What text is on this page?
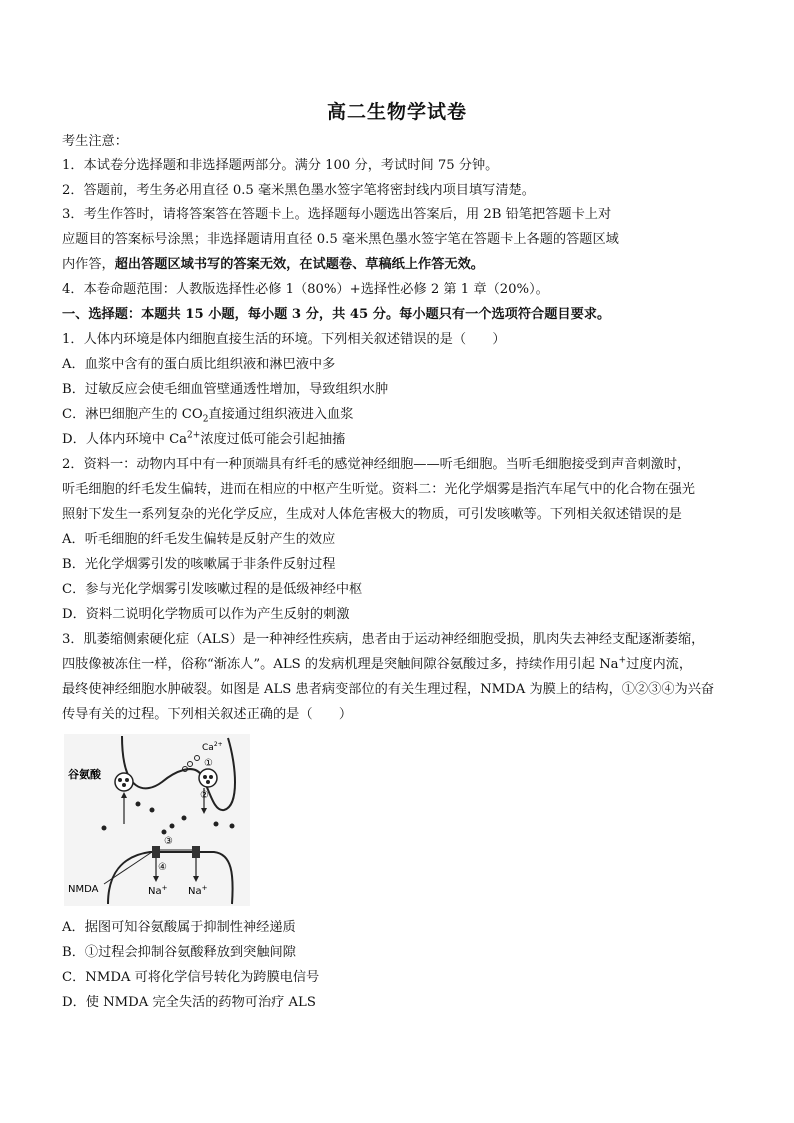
高二生物学试卷
考生注意：
1．本试卷分选择题和非选择题两部分。满分 100 分，考试时间 75 分钟。
2．答题前，考生务必用直径 0.5 毫米黑色墨水签字笔将密封线内项目填写清楚。
3．考生作答时，请将答案答在答题卡上。选择题每小题选出答案后，用 2B 铅笔把答题卡上对
应题目的答案标号涂黑；非选择题请用直径 0.5 毫米黑色墨水签字笔在答题卡上各题的答题区域
内作答，超出答题区域书写的答案无效，在试题卷、草稿纸上作答无效。
4．本卷命题范围：人教版选择性必修 1（80%）+选择性必修 2 第 1 章（20%）。
一、选择题：本题共 15 小题，每小题 3 分，共 45 分。每小题只有一个选项符合题目要求。
1．人体内环境是体内细胞直接生活的环境。下列相关叙述错误的是（　　）
A．血浆中含有的蛋白质比组织液和淋巴液中多
B．过敏反应会使毛细血管壁通透性增加，导致组织水肿
C．淋巴细胞产生的 $CO_2$直接通过组织液进入血浆
D．人体内环境中 $Ca^{2+}$浓度过低可能会引起抽搐
2．资料一：动物内耳中有一种顶端具有纤毛的感觉神经细胞——听毛细胞。当听毛细胞接受到声音刺激时，
听毛细胞的纤毛发生偏转，进而在相应的中枢产生听觉。资料二：光化学烟雾是指汽车尾气中的化合物在强光
照射下发生一系列复杂的光化学反应，生成对人体危害极大的物质，可引发咳嗽等。下列相关叙述错误的是
A．听毛细胞的纤毛发生偏转是反射产生的效应
B．光化学烟雾引发的咳嗽属于非条件反射过程
C．参与光化学烟雾引发咳嗽过程的是低级神经中枢
D．资料二说明化学物质可以作为产生反射的刺激
3．肌萎缩侧索硬化症（ALS）是一种神经性疾病，患者由于运动神经细胞受损，肌肉失去神经支配逐渐萎缩，
四肢像被冻住一样，俗称“渐冻人”。ALS 的发病机理是突触间隙谷氨酸过多，持续作用引起 Na+过度内流，
最终使神经细胞水肿破裂。如图是 ALS 患者病变部位的有关生理过程，NMDA 为膜上的结构，①②③④为兴奋
传导有关的过程。下列相关叙述正确的是（　　）
谷氨酸
$Ca^{2+}$
①
②
③
④
NMDA	Na+ Na+
A．据图可知谷氨酸属于抑制性神经递质
B．①过程会抑制谷氨酸释放到突触间隙
C．NMDA 可将化学信号转化为跨膜电信号
D．使 NMDA 完全失活的药物可治疗 ALS
